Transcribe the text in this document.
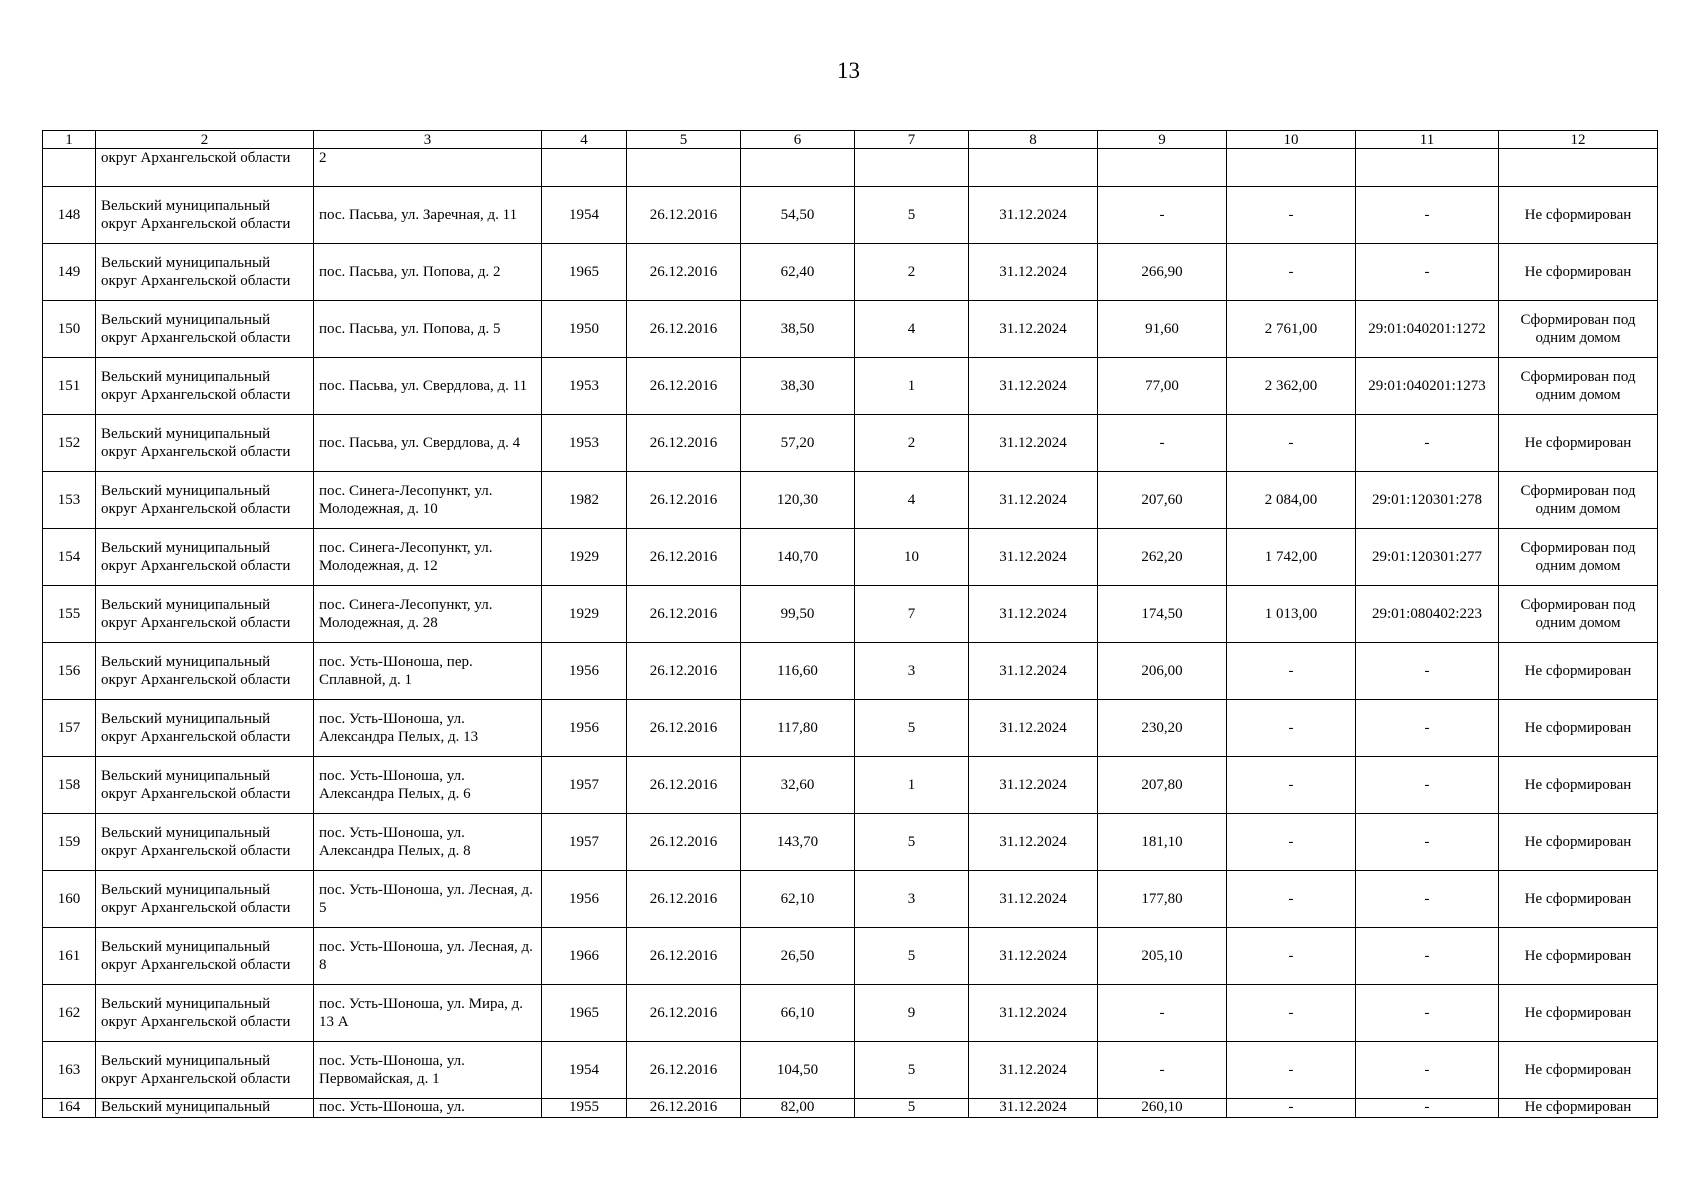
13
1	2	3	4	5	6	7	8	9	10	11	12
	округ Архангельской области	2									
148	Вельский муниципальный округ Архангельской области	пос. Пасьва, ул. Заречная, д. 11	1954	26.12.2016	54,50	5	31.12.2024	-	-	-	Не сформирован
149	Вельский муниципальный округ Архангельской области	пос. Пасьва, ул. Попова, д. 2	1965	26.12.2016	62,40	2	31.12.2024	266,90	-	-	Не сформирован
150	Вельский муниципальный округ Архангельской области	пос. Пасьва, ул. Попова, д. 5	1950	26.12.2016	38,50	4	31.12.2024	91,60	2 761,00	29:01:040201:1272	Сформирован под одним домом
151	Вельский муниципальный округ Архангельской области	пос. Пасьва, ул. Свердлова, д. 11	1953	26.12.2016	38,30	1	31.12.2024	77,00	2 362,00	29:01:040201:1273	Сформирован под одним домом
152	Вельский муниципальный округ Архангельской области	пос. Пасьва, ул. Свердлова, д. 4	1953	26.12.2016	57,20	2	31.12.2024	-	-	-	Не сформирован
153	Вельский муниципальный округ Архангельской области	пос. Синега-Лесопункт, ул. Молодежная, д. 10	1982	26.12.2016	120,30	4	31.12.2024	207,60	2 084,00	29:01:120301:278	Сформирован под одним домом
154	Вельский муниципальный округ Архангельской области	пос. Синега-Лесопункт, ул. Молодежная, д. 12	1929	26.12.2016	140,70	10	31.12.2024	262,20	1 742,00	29:01:120301:277	Сформирован под одним домом
155	Вельский муниципальный округ Архангельской области	пос. Синега-Лесопункт, ул. Молодежная, д. 28	1929	26.12.2016	99,50	7	31.12.2024	174,50	1 013,00	29:01:080402:223	Сформирован под одним домом
156	Вельский муниципальный округ Архангельской области	пос. Усть-Шоноша, пер. Сплавной, д. 1	1956	26.12.2016	116,60	3	31.12.2024	206,00	-	-	Не сформирован
157	Вельский муниципальный округ Архангельской области	пос. Усть-Шоноша, ул. Александра Пелых, д. 13	1956	26.12.2016	117,80	5	31.12.2024	230,20	-	-	Не сформирован
158	Вельский муниципальный округ Архангельской области	пос. Усть-Шоноша, ул. Александра Пелых, д. 6	1957	26.12.2016	32,60	1	31.12.2024	207,80	-	-	Не сформирован
159	Вельский муниципальный округ Архангельской области	пос. Усть-Шоноша, ул. Александра Пелых, д. 8	1957	26.12.2016	143,70	5	31.12.2024	181,10	-	-	Не сформирован
160	Вельский муниципальный округ Архангельской области	пос. Усть-Шоноша, ул. Лесная, д. 5	1956	26.12.2016	62,10	3	31.12.2024	177,80	-	-	Не сформирован
161	Вельский муниципальный округ Архангельской области	пос. Усть-Шоноша, ул. Лесная, д. 8	1966	26.12.2016	26,50	5	31.12.2024	205,10	-	-	Не сформирован
162	Вельский муниципальный округ Архангельской области	пос. Усть-Шоноша, ул. Мира, д. 13 А	1965	26.12.2016	66,10	9	31.12.2024	-	-	-	Не сформирован
163	Вельский муниципальный округ Архангельской области	пос. Усть-Шоноша, ул. Первомайская, д. 1	1954	26.12.2016	104,50	5	31.12.2024	-	-	-	Не сформирован
164	Вельский муниципальный	пос. Усть-Шоноша, ул.	1955	26.12.2016	82,00	5	31.12.2024	260,10	-	-	Не сформирован
